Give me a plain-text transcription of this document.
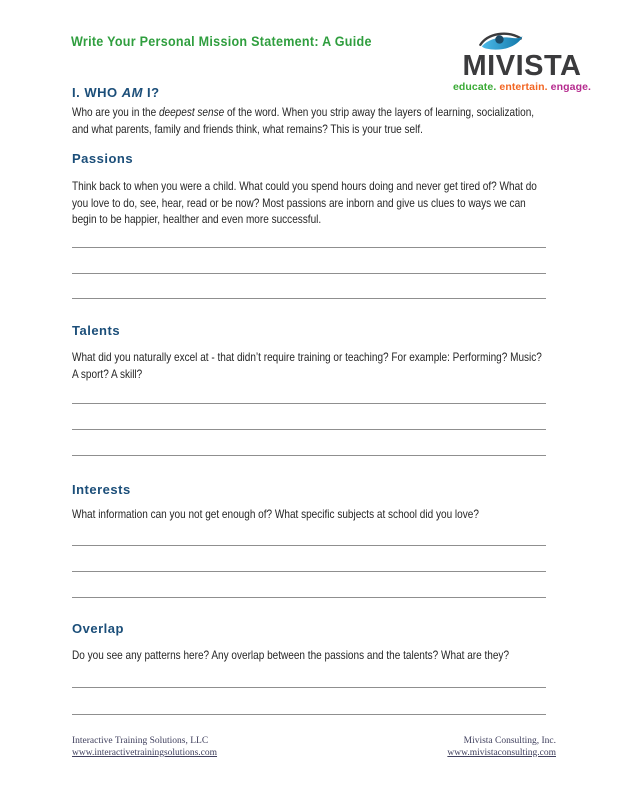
Write Your Personal Mission Statement: A Guide
MIVISTA
educate. entertain. engage.
I. WHO AM I?
Who are you in the deepest sense of the word. When you strip away the layers of learning, socialization, and what parents, family and friends think, what remains? This is your true self.
Passions
Think back to when you were a child. What could you spend hours doing and never get tired of? What do you love to do, see, hear, read or be now? Most passions are inborn and give us clues to ways we can begin to be happier, healther and even more successful.
Talents
What did you naturally excel at - that didn’t require training or teaching? For example: Performing? Music? A sport? A skill?
Interests
What information can you not get enough of? What specific subjects at school did you love?
Overlap
Do you see any patterns here? Any overlap between the passions and the talents? What are they?
Interactive Training Solutions, LLC
www.interactivetrainingsolutions.com
Mivista Consulting, Inc.
www.mivistaconsulting.com
